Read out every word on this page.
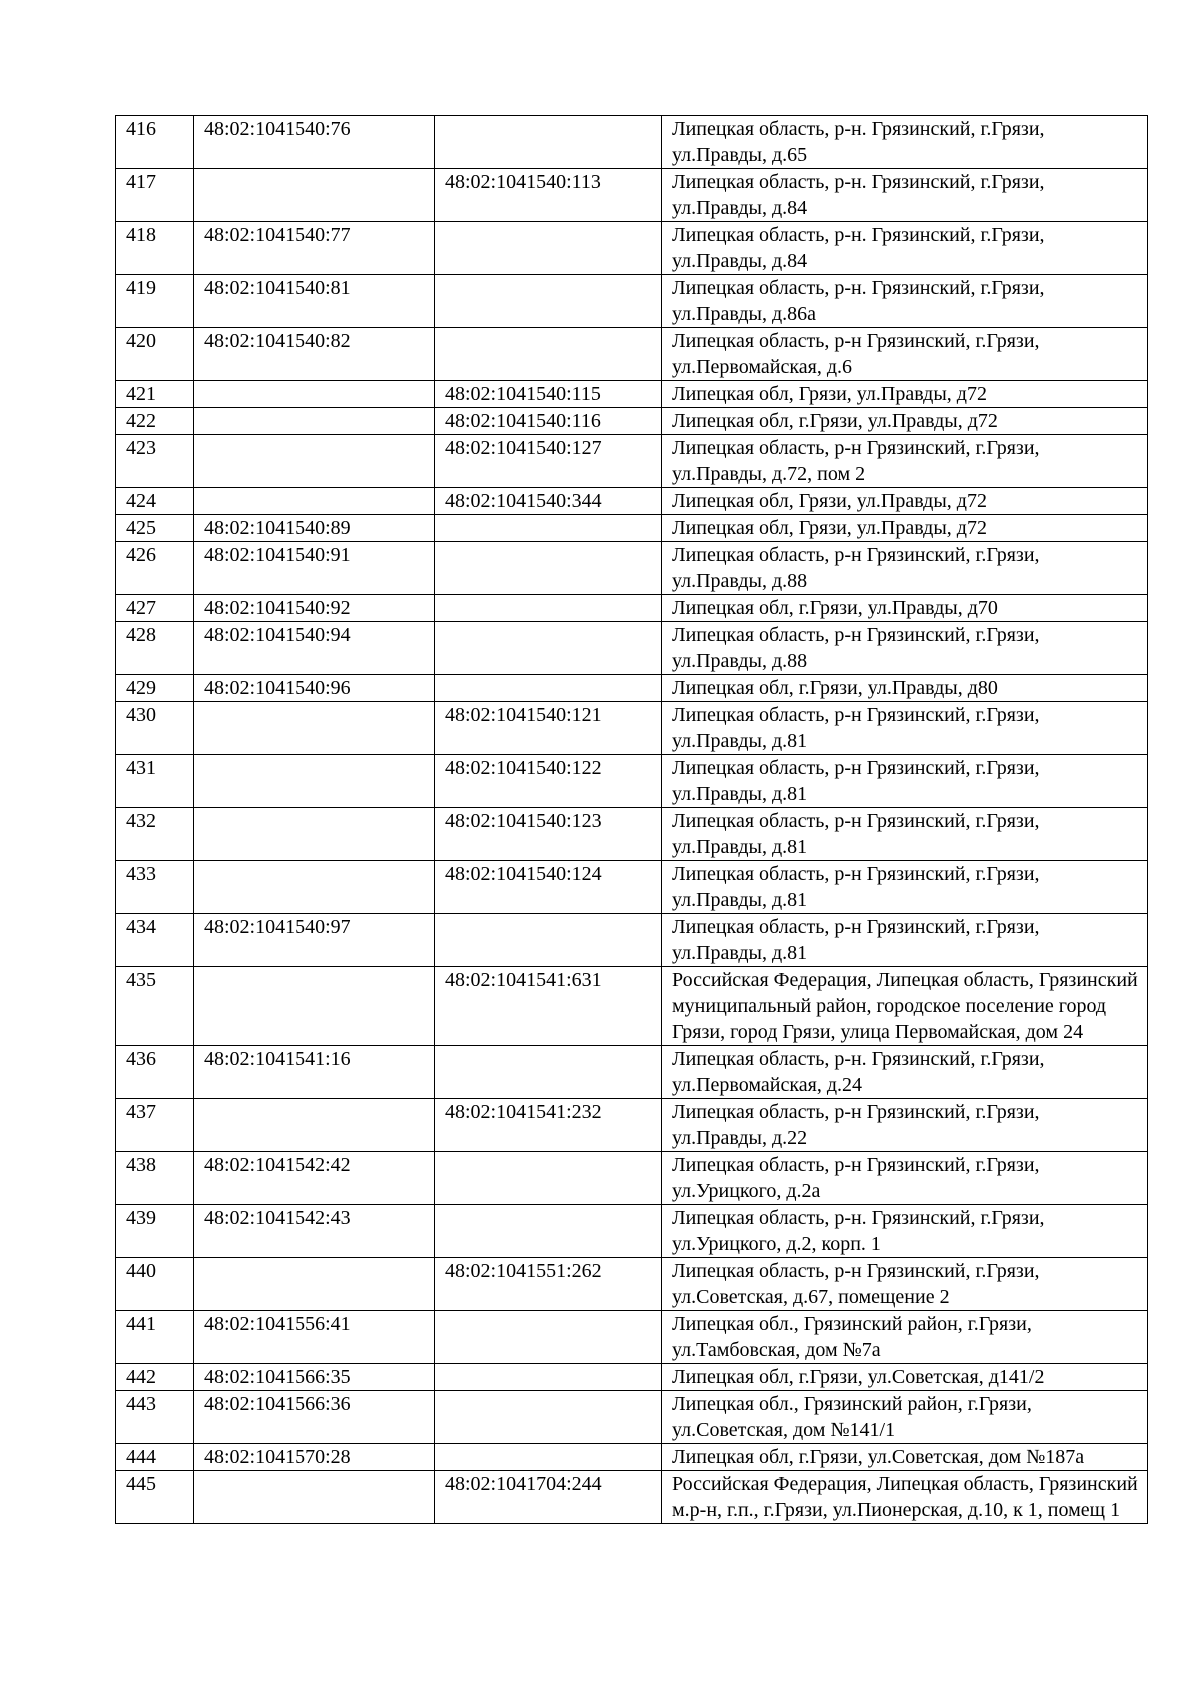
416	48:02:1041540:76		Липецкая область, р-н. Грязинский, г.Грязи, ул.Правды, д.65
417		48:02:1041540:113	Липецкая область, р-н. Грязинский, г.Грязи, ул.Правды, д.84
418	48:02:1041540:77		Липецкая область, р-н. Грязинский, г.Грязи, ул.Правды, д.84
419	48:02:1041540:81		Липецкая область, р-н. Грязинский, г.Грязи, ул.Правды, д.86а
420	48:02:1041540:82		Липецкая область, р-н Грязинский, г.Грязи, ул.Первомайская, д.6
421		48:02:1041540:115	Липецкая обл, Грязи, ул.Правды, д72
422		48:02:1041540:116	Липецкая обл, г.Грязи, ул.Правды, д72
423		48:02:1041540:127	Липецкая область, р-н Грязинский, г.Грязи, ул.Правды, д.72, пом 2
424		48:02:1041540:344	Липецкая обл, Грязи, ул.Правды, д72
425	48:02:1041540:89		Липецкая обл, Грязи, ул.Правды, д72
426	48:02:1041540:91		Липецкая область, р-н Грязинский, г.Грязи, ул.Правды, д.88
427	48:02:1041540:92		Липецкая обл, г.Грязи, ул.Правды, д70
428	48:02:1041540:94		Липецкая область, р-н Грязинский, г.Грязи, ул.Правды, д.88
429	48:02:1041540:96		Липецкая обл, г.Грязи, ул.Правды, д80
430		48:02:1041540:121	Липецкая область, р-н Грязинский, г.Грязи, ул.Правды, д.81
431		48:02:1041540:122	Липецкая область, р-н Грязинский, г.Грязи, ул.Правды, д.81
432		48:02:1041540:123	Липецкая область, р-н Грязинский, г.Грязи, ул.Правды, д.81
433		48:02:1041540:124	Липецкая область, р-н Грязинский, г.Грязи, ул.Правды, д.81
434	48:02:1041540:97		Липецкая область, р-н Грязинский, г.Грязи, ул.Правды, д.81
435		48:02:1041541:631	Российская Федерация, Липецкая область, Грязинский муниципальный район, городское поселение город Грязи, город Грязи, улица Первомайская, дом 24
436	48:02:1041541:16		Липецкая область, р-н. Грязинский, г.Грязи, ул.Первомайская, д.24
437		48:02:1041541:232	Липецкая область, р-н Грязинский, г.Грязи, ул.Правды, д.22
438	48:02:1041542:42		Липецкая область, р-н Грязинский, г.Грязи, ул.Урицкого, д.2а
439	48:02:1041542:43		Липецкая область, р-н. Грязинский, г.Грязи, ул.Урицкого, д.2, корп. 1
440		48:02:1041551:262	Липецкая область, р-н Грязинский, г.Грязи, ул.Советская, д.67, помещение 2
441	48:02:1041556:41		Липецкая обл., Грязинский район, г.Грязи, ул.Тамбовская, дом №7а
442	48:02:1041566:35		Липецкая обл, г.Грязи, ул.Советская, д141/2
443	48:02:1041566:36		Липецкая обл., Грязинский район, г.Грязи, ул.Советская, дом №141/1
444	48:02:1041570:28		Липецкая обл, г.Грязи, ул.Советская, дом №187а
445		48:02:1041704:244	Российская Федерация, Липецкая область, Грязинский м.р-н, г.п., г.Грязи, ул.Пионерская, д.10, к 1, помещ 1
